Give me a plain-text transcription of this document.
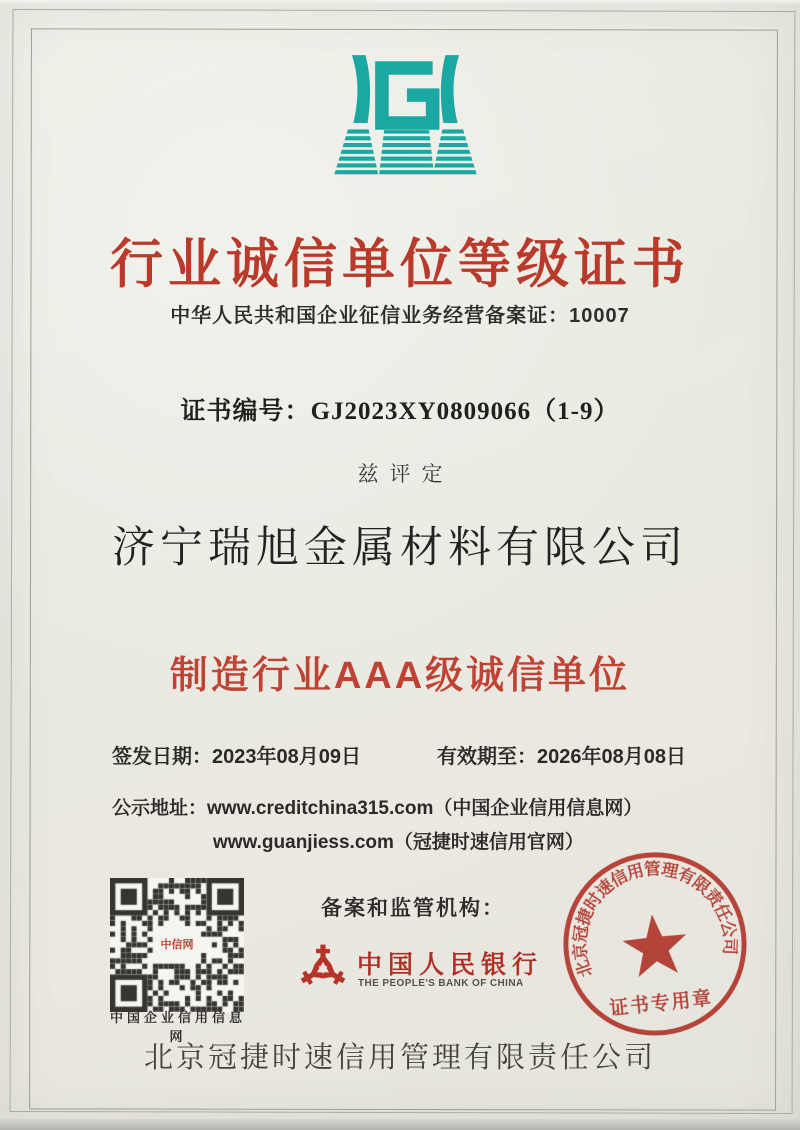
行业诚信单位等级证书
中华人民共和国企业征信业务经营备案证：10007
证书编号：GJ2023XY0809066（1-9）
兹评定
济宁瑞旭金属材料有限公司
制造行业AAA级诚信单位
签发日期：2023年08月09日	有效期至：2026年08月08日
公示地址：www.creditchina315.com（中国企业信用信息网）
www.guanjiess.com（冠捷时速信用官网）
中信网
中国企业信用信息网
备案和监管机构：
中国人民银行
THE PEOPLE'S BANK OF CHINA
北京冠捷时速信用管理有限责任公司
证书专用章
北京冠捷时速信用管理有限责任公司
